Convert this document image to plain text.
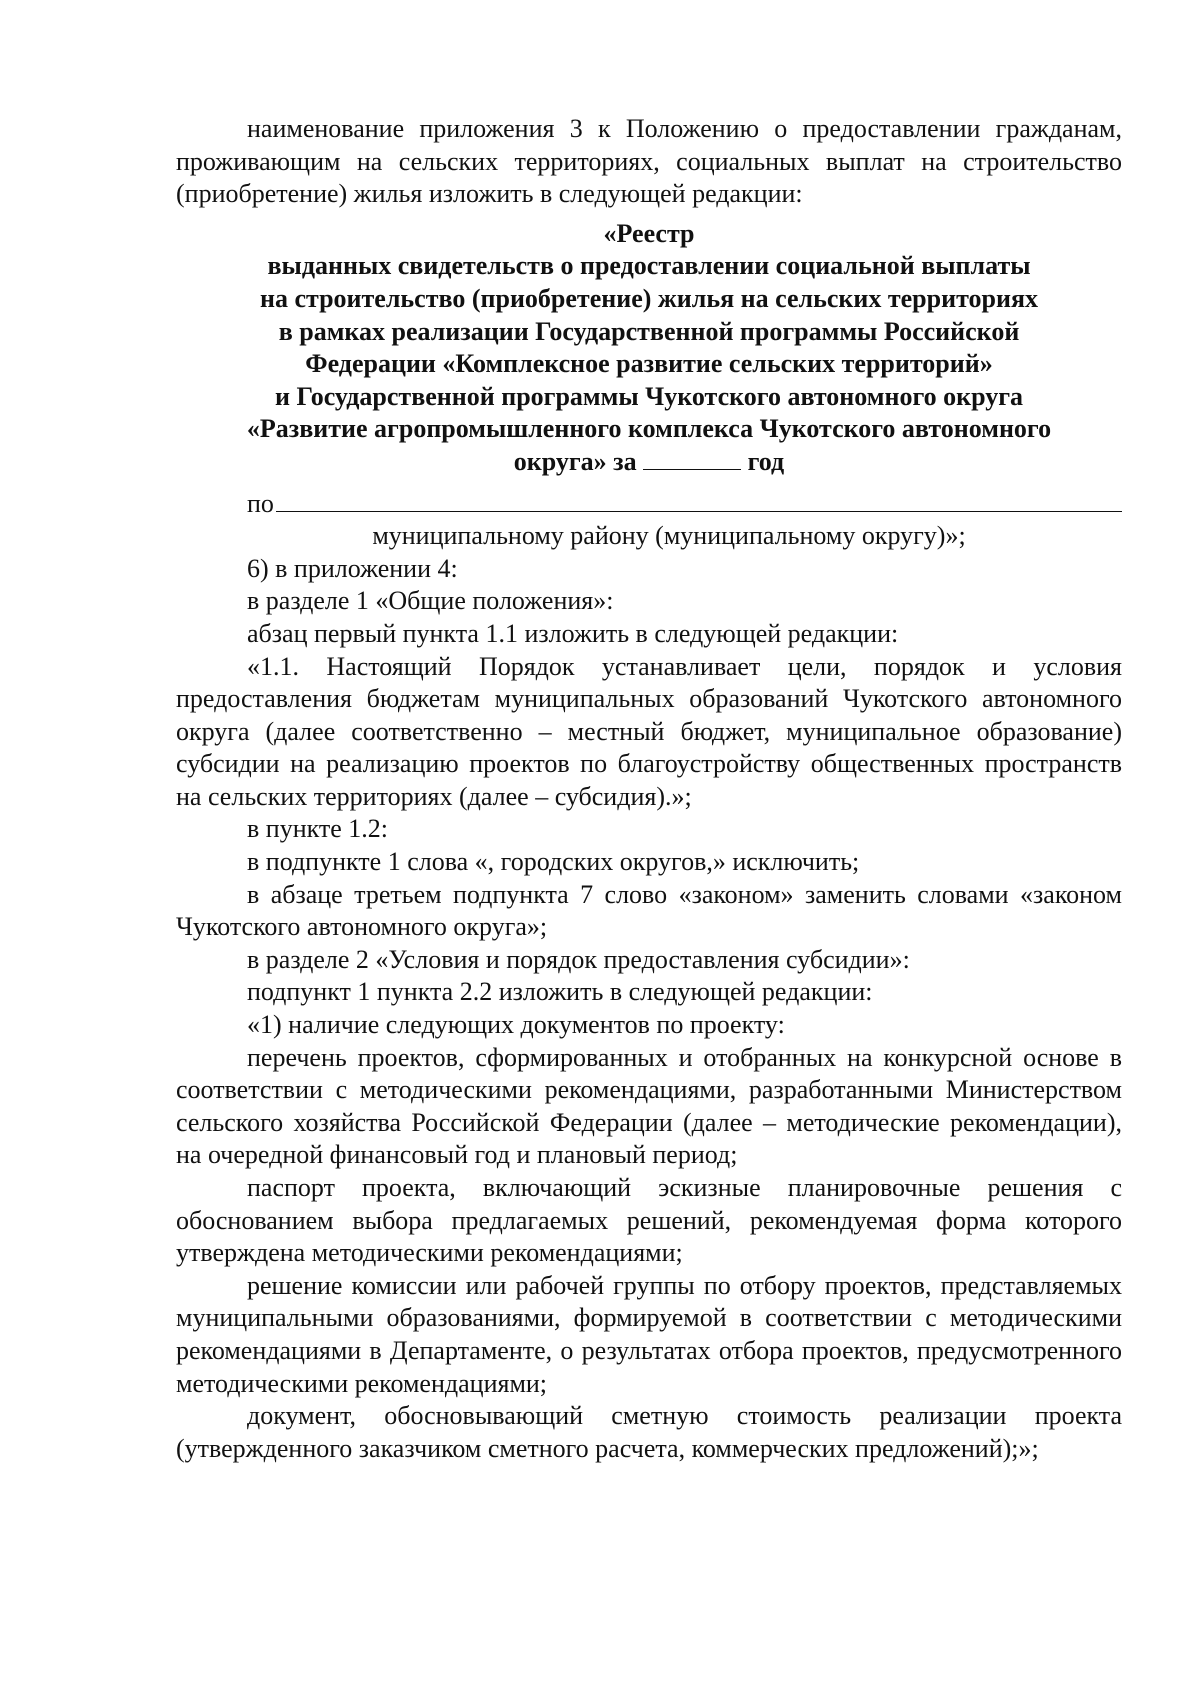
наименование приложения 3 к Положению о предоставлении гражданам, проживающим на сельских территориях, социальных выплат на строительство (приобретение) жилья изложить в следующей редакции:

«Реестр
выданных свидетельств о предоставлении социальной выплаты
на строительство (приобретение) жилья на сельских территориях
в рамках реализации Государственной программы Российской
Федерации «Комплексное развитие сельских территорий»
и Государственной программы Чукотского автономного округа
«Развитие агропромышленного комплекса Чукотского автономного
округа» за	год
по

муниципальному району (муниципальному округу)»;

6) в приложении 4:

в разделе 1 «Общие положения»:

абзац первый пункта 1.1 изложить в следующей редакции:

«1.1. Настоящий Порядок устанавливает цели, порядок и условия предоставления бюджетам муниципальных образований Чукотского автономного округа (далее соответственно – местный бюджет, муниципальное образование) субсидии на реализацию проектов по благоустройству общественных пространств на сельских территориях (далее – субсидия).»;

в пункте 1.2:

в подпункте 1 слова «, городских округов,» исключить;

в абзаце третьем подпункта 7 слово «законом» заменить словами «законом Чукотского автономного округа»;

в разделе 2 «Условия и порядок предоставления субсидии»:

подпункт 1 пункта 2.2 изложить в следующей редакции:

«1) наличие следующих документов по проекту:

перечень проектов, сформированных и отобранных на конкурсной основе в соответствии с методическими рекомендациями, разработанными Министерством сельского хозяйства Российской Федерации (далее – методические рекомендации), на очередной финансовый год и плановый период;

паспорт проекта, включающий эскизные планировочные решения с обоснованием выбора предлагаемых решений, рекомендуемая форма которого утверждена методическими рекомендациями;

решение комиссии или рабочей группы по отбору проектов, представляемых муниципальными образованиями, формируемой в соответствии с методическими рекомендациями в Департаменте, о результатах отбора проектов, предусмотренного методическими рекомендациями;

документ, обосновывающий сметную стоимость реализации проекта (утвержденного заказчиком сметного расчета, коммерческих предложений);»;
